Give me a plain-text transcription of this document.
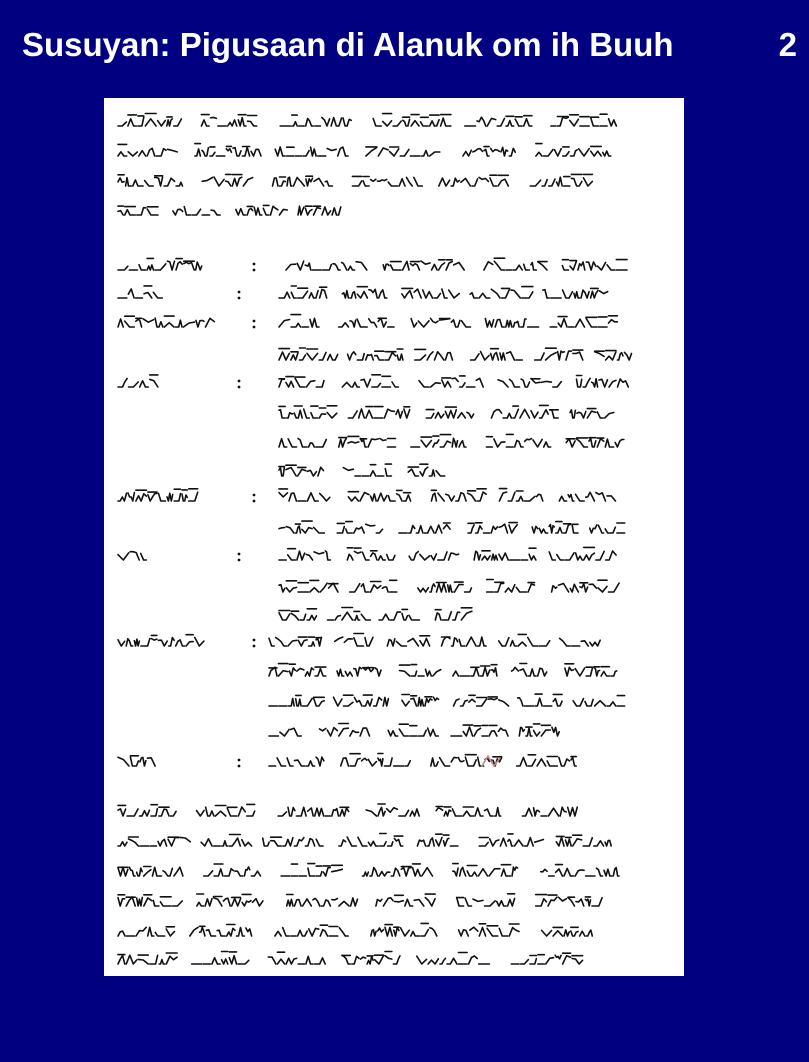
Susuyan: Pigusaan di Alanuk om ih Buuh	2
